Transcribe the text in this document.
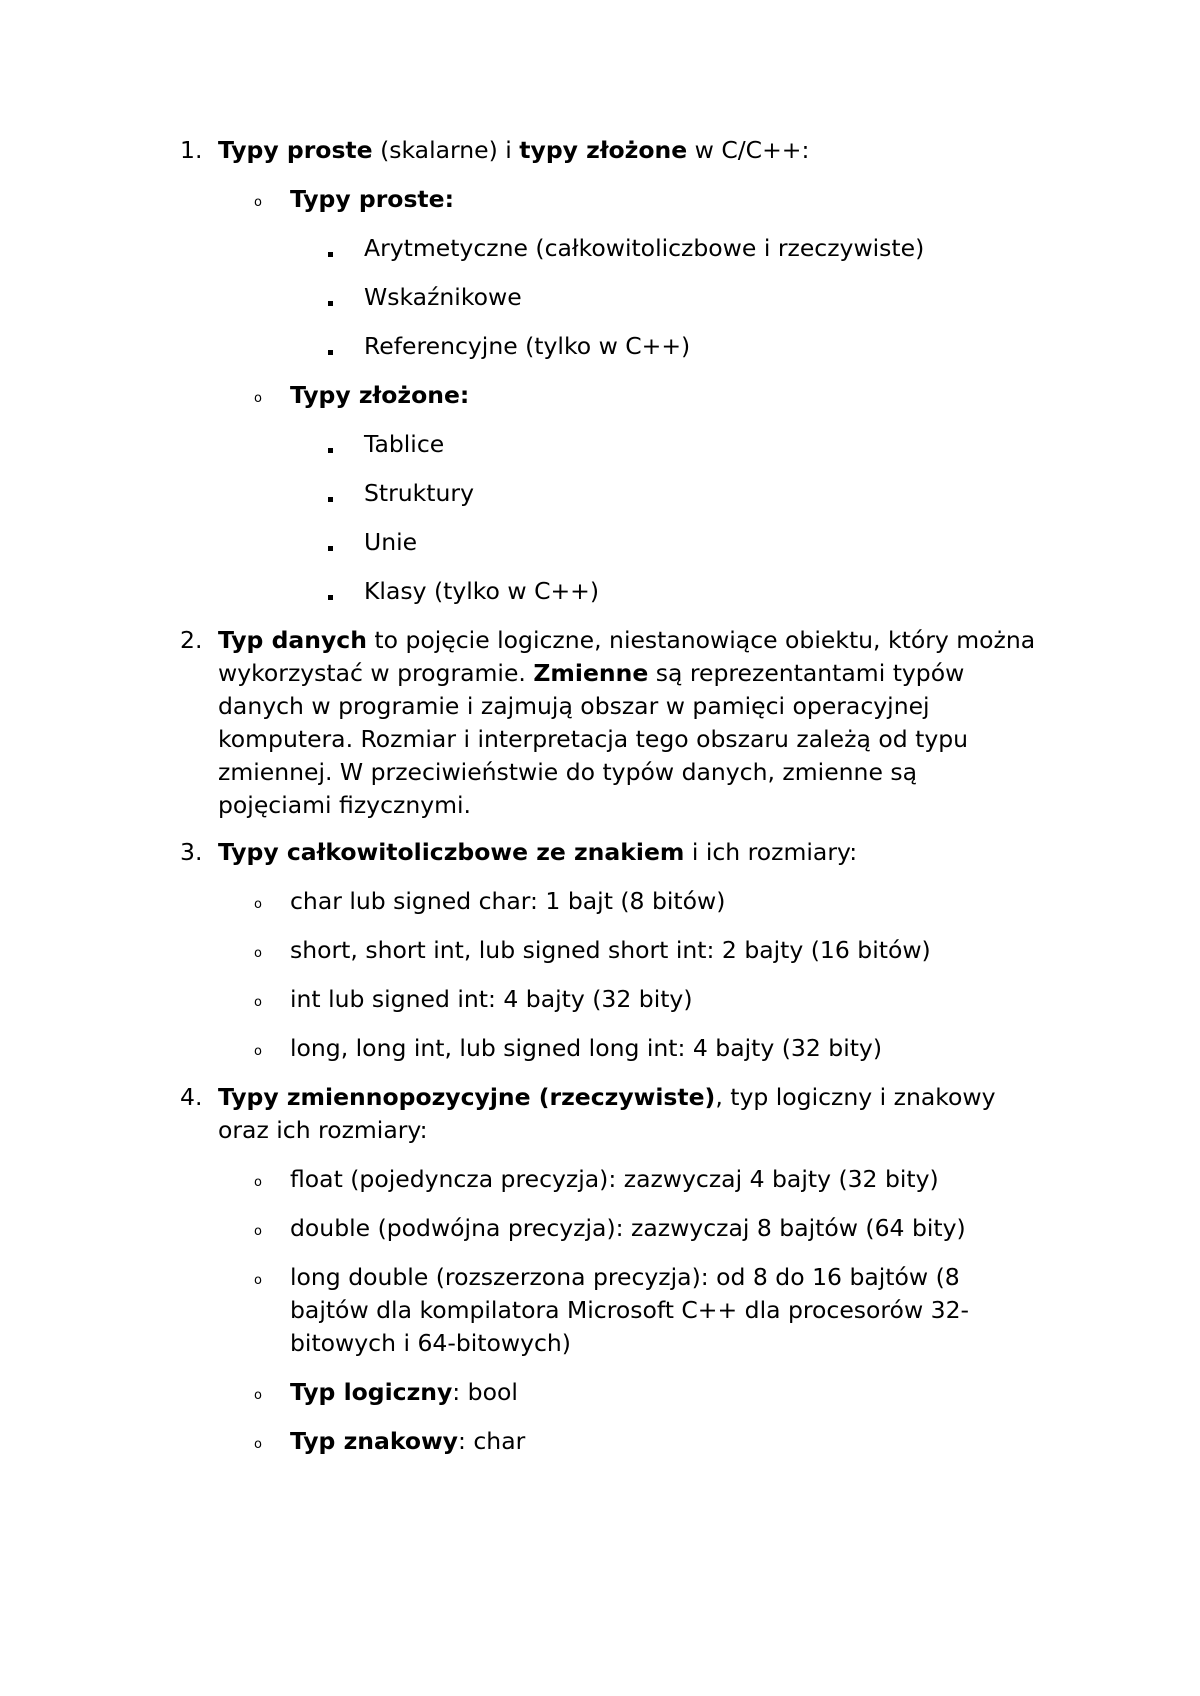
1. Typy proste (skalarne) i typy złożone w C/C++:
o Typy proste:
Arytmetyczne (całkowitoliczbowe i rzeczywiste)
Wskaźnikowe
Referencyjne (tylko w C++)
o Typy złożone:
Tablice
Struktury
Unie
Klasy (tylko w C++)
2. Typ danych to pojęcie logiczne, niestanowiące obiektu, który można
wykorzystać w programie. Zmienne są reprezentantami typów
danych w programie i zajmują obszar w pamięci operacyjnej
komputera. Rozmiar i interpretacja tego obszaru zależą od typu
zmiennej. W przeciwieństwie do typów danych, zmienne są
pojęciami fizycznymi.
3. Typy całkowitoliczbowe ze znakiem i ich rozmiary:
o char lub signed char: 1 bajt (8 bitów)
o short, short int, lub signed short int: 2 bajty (16 bitów)
o int lub signed int: 4 bajty (32 bity)
o long, long int, lub signed long int: 4 bajty (32 bity)
4. Typy zmiennopozycyjne (rzeczywiste), typ logiczny i znakowy
oraz ich rozmiary:
o float (pojedyncza precyzja): zazwyczaj 4 bajty (32 bity)
o double (podwójna precyzja): zazwyczaj 8 bajtów (64 bity)
o long double (rozszerzona precyzja): od 8 do 16 bajtów (8
bajtów dla kompilatora Microsoft C++ dla procesorów 32-
bitowych i 64-bitowych)
o Typ logiczny: bool
o Typ znakowy: char
